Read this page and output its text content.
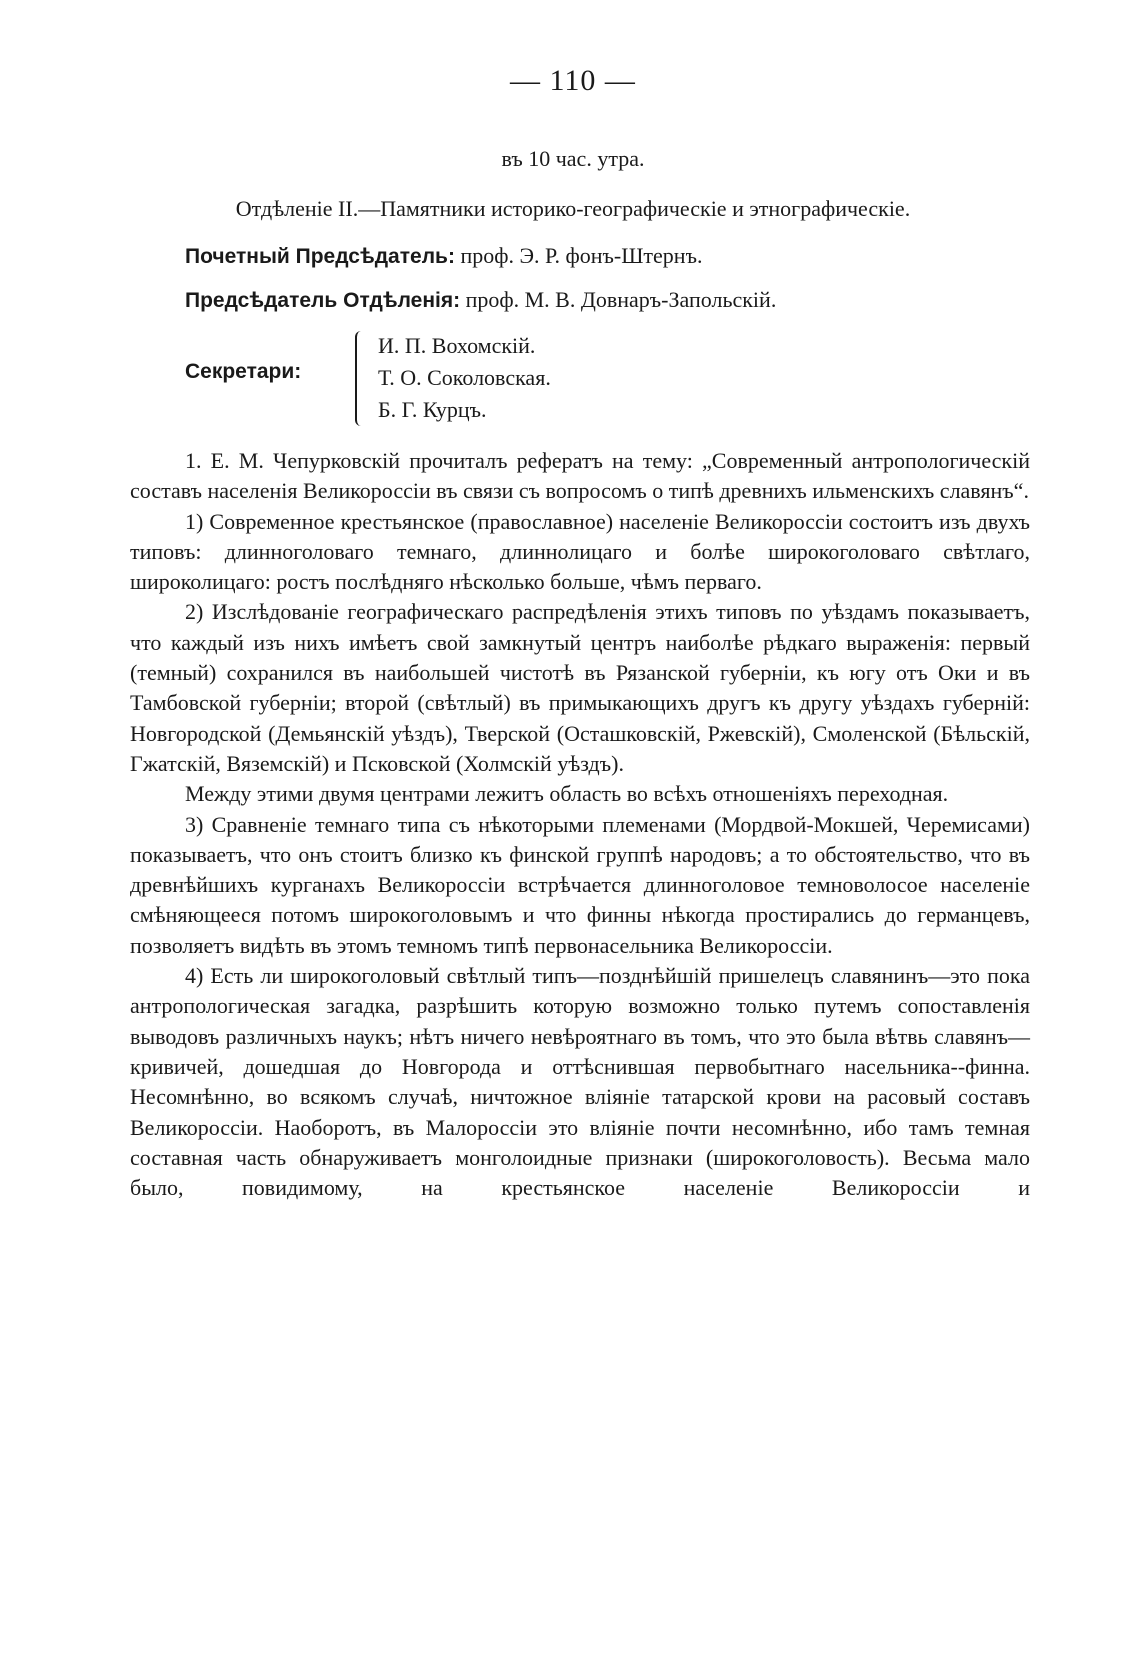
— 110 —
въ 10 час. утра.
Отдѣленіе II.—Памятники историко-географическіе и этнографическіе.
Почетный Предсѣдатель: проф. Э. Р. фонъ-Штернъ.
Предсѣдатель Отдѣленія: проф. М. В. Довнаръ-Запольскій.
Секретари:
И. П. Вохомскій.
Т. О. Соколовская.
Б. Г. Курцъ.

1. Е. М. Чепурковскій прочиталъ рефератъ на тему: „Современный антропологическій составъ населенія Великороссіи въ связи съ вопросомъ о типѣ древнихъ ильменскихъ славянъ“.

1) Современное крестьянское (православное) населеніе Великороссіи состоитъ изъ двухъ типовъ: длинноголоваго темнаго, длиннолицаго и болѣе широкоголоваго свѣтлаго, широколицаго: ростъ послѣдняго нѣсколько больше, чѣмъ перваго.

2) Изслѣдованіе географическаго распредѣленія этихъ типовъ по уѣздамъ показываетъ, что каждый изъ нихъ имѣетъ свой замкнутый центръ наиболѣе рѣдкаго выраженія: первый (темный) сохранился въ наибольшей чистотѣ въ Рязанской губерніи, къ югу отъ Оки и въ Тамбовской губерніи; второй (свѣтлый) въ примыкающихъ другъ къ другу уѣздахъ губерній: Новгородской (Демьянскій уѣздъ), Тверской (Осташковскій, Ржевскій), Смоленской (Бѣльскій, Гжатскій, Вяземскій) и Псковской (Холмскій уѣздъ).

Между этими двумя центрами лежитъ область во всѣхъ отношеніяхъ переходная.

3) Сравненіе темнаго типа съ нѣкоторыми племенами (Мордвой-Мокшей, Черемисами) показываетъ, что онъ стоитъ близко къ финской группѣ народовъ; а то обстоятельство, что въ древнѣйшихъ курганахъ Великороссіи встрѣчается длинноголовое темноволосое населеніе смѣняющееся потомъ широкоголовымъ и что финны нѣкогда простирались до германцевъ, позволяетъ видѣть въ этомъ темномъ типѣ первонасельника Великороссіи.

4) Есть ли широкоголовый свѣтлый типъ—позднѣйшій пришелецъ славянинъ—это пока антропологическая загадка, разрѣшить которую возможно только путемъ сопоставленія выводовъ различныхъ наукъ; нѣтъ ничего невѣроятнаго въ томъ, что это была вѣтвь славянъ—кривичей, дошедшая до Новгорода и оттѣснившая первобытнаго насельника--финна. Несомнѣнно, во всякомъ случаѣ, ничтожное вліяніе татарской крови на расовый составъ Великороссіи. Наоборотъ, въ Малороссіи это вліяніе почти несомнѣнно, ибо тамъ темная составная часть обнаруживаетъ монголоидные признаки (широкоголовость). Весьма мало было, повидимому, на крестьянское населеніе Великороссіи и
